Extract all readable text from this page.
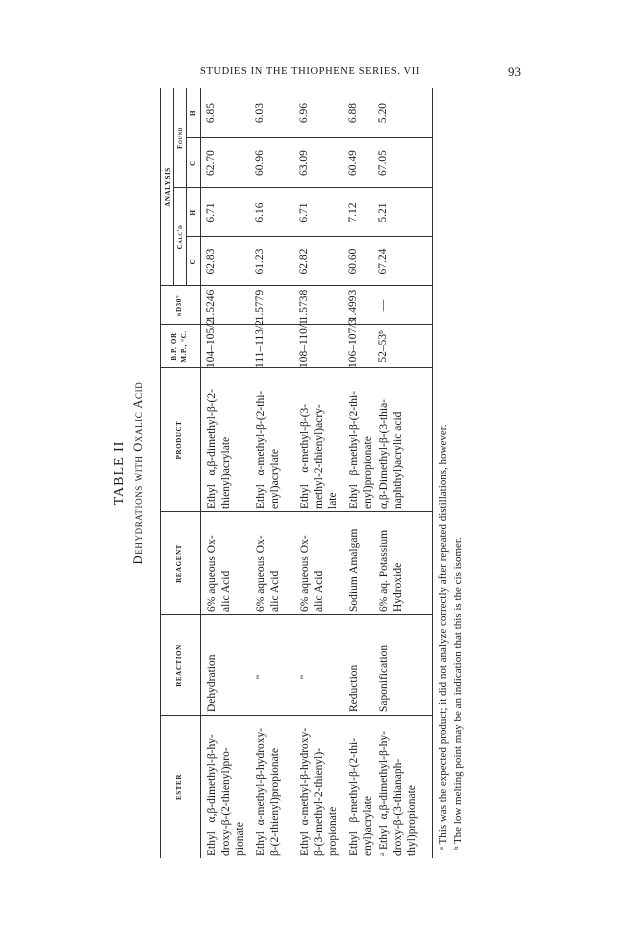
STUDIES IN THE THIOPHENE SERIES. VII	93
TABLE II Dehydrations with Oxalic Acid
ESTER
REACTION
REAGENT
PRODUCT
B.P. OR M.P., °C.
nD30°
ANALYSIS
Calc'd
Found
C
H
C
H
Ethyl   α,β-dimethyl-β-hy- droxy-β-(2-thienyl)pro- pionate
6% aqueous Ox- alic Acid
Ethyl   α,β-dimethyl-β-(2- thienyl)acrylate
Dehydration
104–105/2
1.5246
62.83
6.71
62.70
6.85
Ethyl  α-methyl-β-hydroxy- β-(2-thienyl)propionate
6% aqueous Ox- alic Acid
Ethyl   α-methyl-β-(2-thi- enyl)acrylate
"
111–113/2
1.5779
61.23
6.16
60.96
6.03
Ethyl  α-methyl-β-hydroxy- β-(3-methyl-2-thienyl)- propionate
6% aqueous Ox- alic Acid
Ethyl    α-methyl-β-(3- methyl-2-thienyl)acry- late
"
108–110/1
1.5738
62.82
6.71
63.09
6.96
Ethyl   β-methyl-β-(2-thi- enyl)acrylate
Sodium Amalgam
Ethyl   β-methyl-β-(2-thi- enyl)propionate
Reduction
106–107/3
1.4993
60.60
7.12
60.49
6.88
ᵃ Ethyl  α,β-dimethyl-β-hy- droxy-β-(3-thianaph- thyl)propionate
6% aq. Potassium Hydroxide
α,β-Dimethyl-β-(3-thia- naphthyl)acrylic acid
Saponification
52–53ᵇ
—
67.24
5.21
67.05
5.20
ᵃ This was the expected product; it did not analyze correctly after repeated distillations, however. ᵇ The low melting point may be an indication that this is the cis isomer.
